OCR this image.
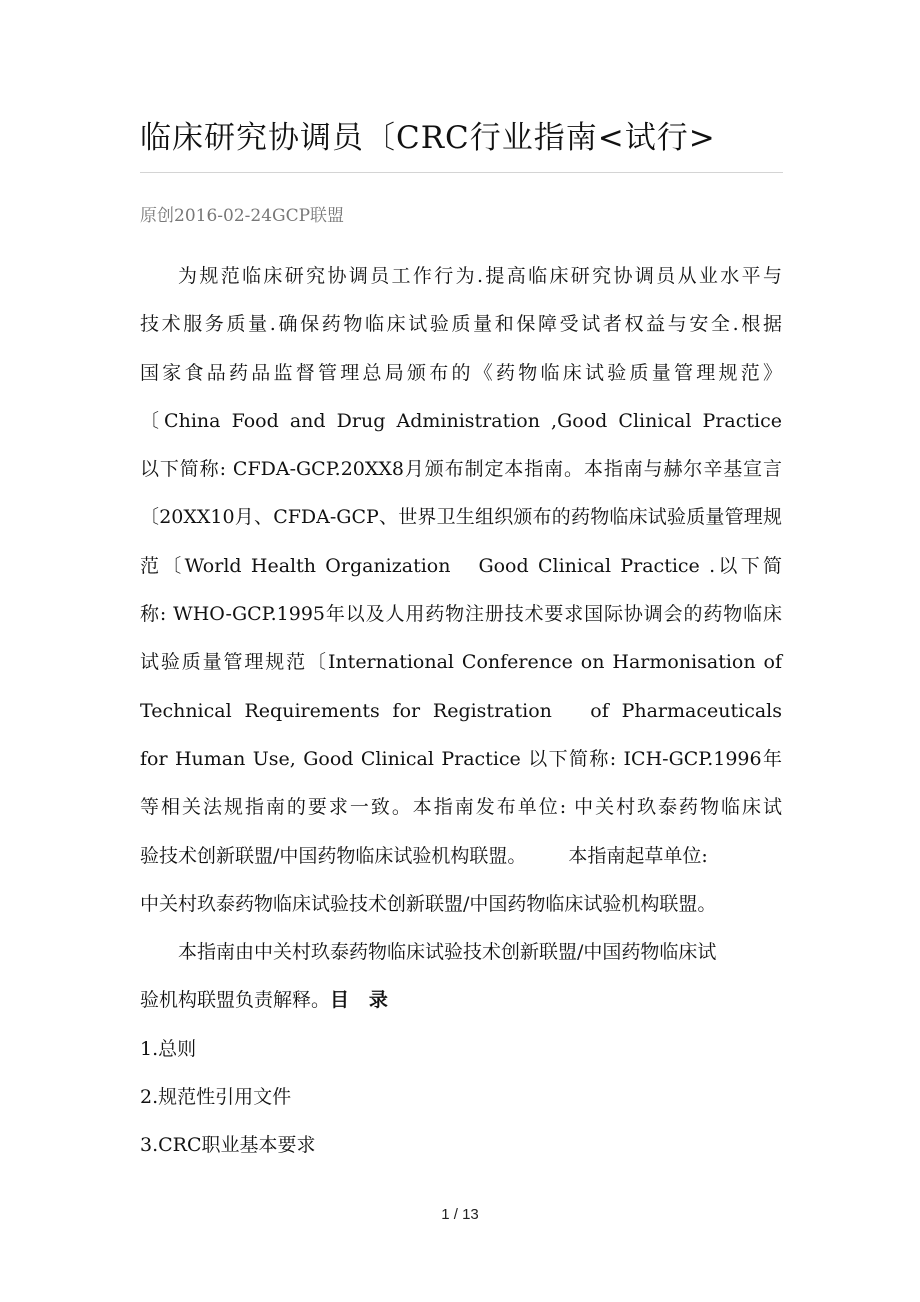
临床研究协调员〔CRC行业指南<试行>
原创2016-02-24GCP联盟
为规范临床研究协调员工作行为.提高临床研究协调员从业水平与
技术服务质量.确保药物临床试验质量和保障受试者权益与安全.根据
国家食品药品监督管理总局颁布的《药物临床试验质量管理规范》
〔China Food and Drug Administration ,Good Clinical Practice
以下简称: CFDA-GCP.20XX8月颁布制定本指南。本指南与赫尔辛基宣言
〔20XX10月、CFDA-GCP、世界卫生组织颁布的药物临床试验质量管理规
范〔World Health Organization   Good Clinical Practice .以下简
称: WHO-GCP.1995年以及人用药物注册技术要求国际协调会的药物临床
试验质量管理规范〔International Conference on Harmonisation of
Technical Requirements for Registration   of Pharmaceuticals
for Human Use, Good Clinical Practice 以下简称: ICH-GCP.1996年
等相关法规指南的要求一致。本指南发布单位: 中关村玖泰药物临床试
验技术创新联盟/中国药物临床试验机构联盟。 本指南起草单位:
中关村玖泰药物临床试验技术创新联盟/中国药物临床试验机构联盟。
本指南由中关村玖泰药物临床试验技术创新联盟/中国药物临床试
验机构联盟负责解释。目   录
1.总则
2.规范性引用文件
3.CRC职业基本要求
1 / 13
